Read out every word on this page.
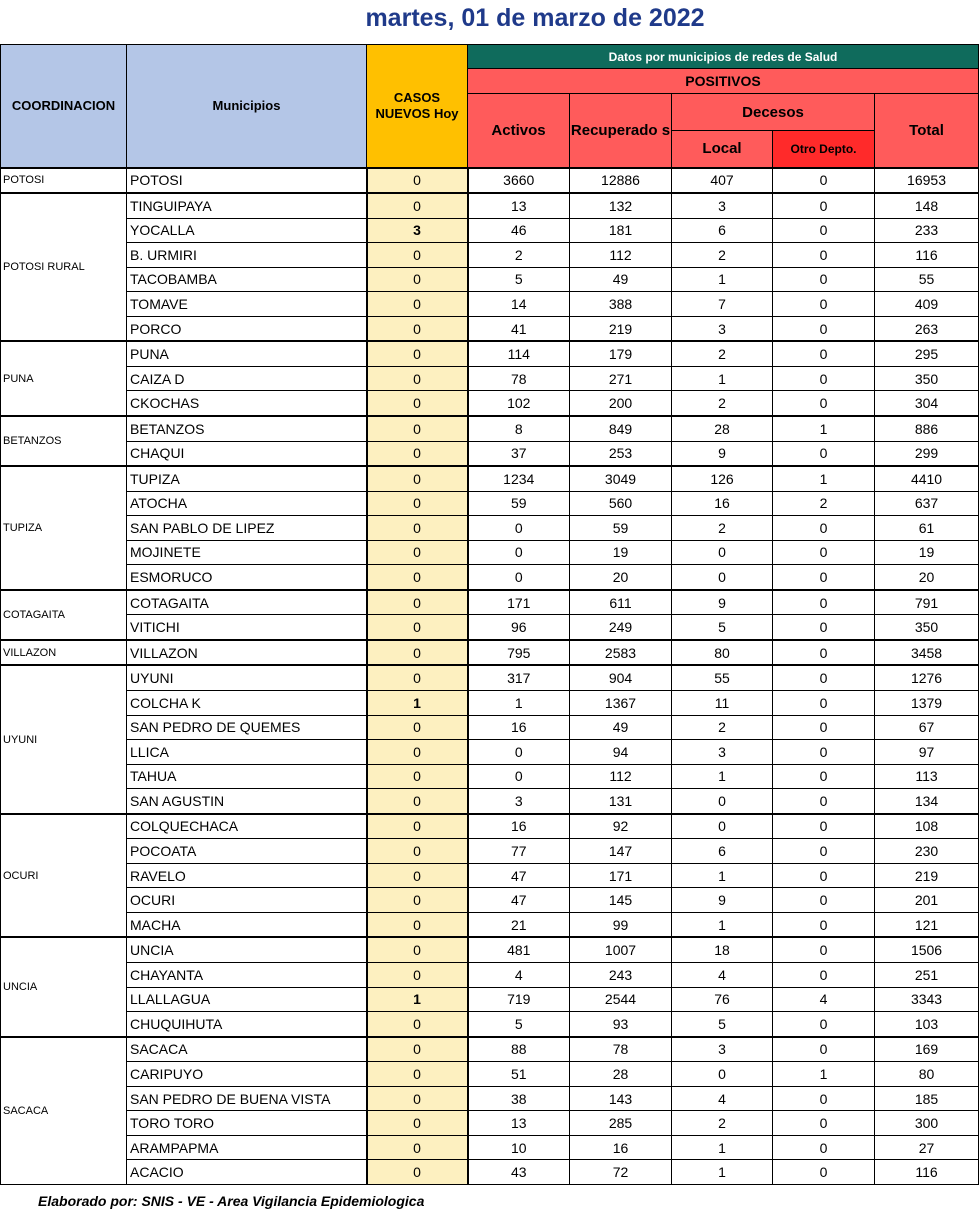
martes, 01 de marzo de 2022
COORDINACION	Municipios	CASOS NUEVOS Hoy	Datos por municipios de redes de Salud				
			POSITIVOS				
			Activos	Recuperado s	Decesos		Total
					Local	Otro Depto.	
POTOSI	POTOSI	0	3660	12886	407	0	16953
POTOSI RURAL	TINGUIPAYA	0	13	132	3	0	148
	YOCALLA	3	46	181	6	0	233
	B. URMIRI	0	2	112	2	0	116
	TACOBAMBA	0	5	49	1	0	55
	TOMAVE	0	14	388	7	0	409
	PORCO	0	41	219	3	0	263
PUNA	PUNA	0	114	179	2	0	295
	CAIZA D	0	78	271	1	0	350
	CKOCHAS	0	102	200	2	0	304
BETANZOS	BETANZOS	0	8	849	28	1	886
	CHAQUI	0	37	253	9	0	299
TUPIZA	TUPIZA	0	1234	3049	126	1	4410
	ATOCHA	0	59	560	16	2	637
	SAN PABLO DE LIPEZ	0	0	59	2	0	61
	MOJINETE	0	0	19	0	0	19
	ESMORUCO	0	0	20	0	0	20
COTAGAITA	COTAGAITA	0	171	611	9	0	791
	VITICHI	0	96	249	5	0	350
VILLAZON	VILLAZON	0	795	2583	80	0	3458
UYUNI	UYUNI	0	317	904	55	0	1276
	COLCHA K	1	1	1367	11	0	1379
	SAN PEDRO DE QUEMES	0	16	49	2	0	67
	LLICA	0	0	94	3	0	97
	TAHUA	0	0	112	1	0	113
	SAN AGUSTIN	0	3	131	0	0	134
OCURI	COLQUECHACA	0	16	92	0	0	108
	POCOATA	0	77	147	6	0	230
	RAVELO	0	47	171	1	0	219
	OCURI	0	47	145	9	0	201
	MACHA	0	21	99	1	0	121
UNCIA	UNCIA	0	481	1007	18	0	1506
	CHAYANTA	0	4	243	4	0	251
	LLALLAGUA	1	719	2544	76	4	3343
	CHUQUIHUTA	0	5	93	5	0	103
SACACA	SACACA	0	88	78	3	0	169
	CARIPUYO	0	51	28	0	1	80
	SAN PEDRO DE BUENA VISTA	0	38	143	4	0	185
	TORO TORO	0	13	285	2	0	300
	ARAMPAPMA	0	10	16	1	0	27
	ACACIO	0	43	72	1	0	116
Elaborado por: SNIS - VE - Area Vigilancia Epidemiologica
